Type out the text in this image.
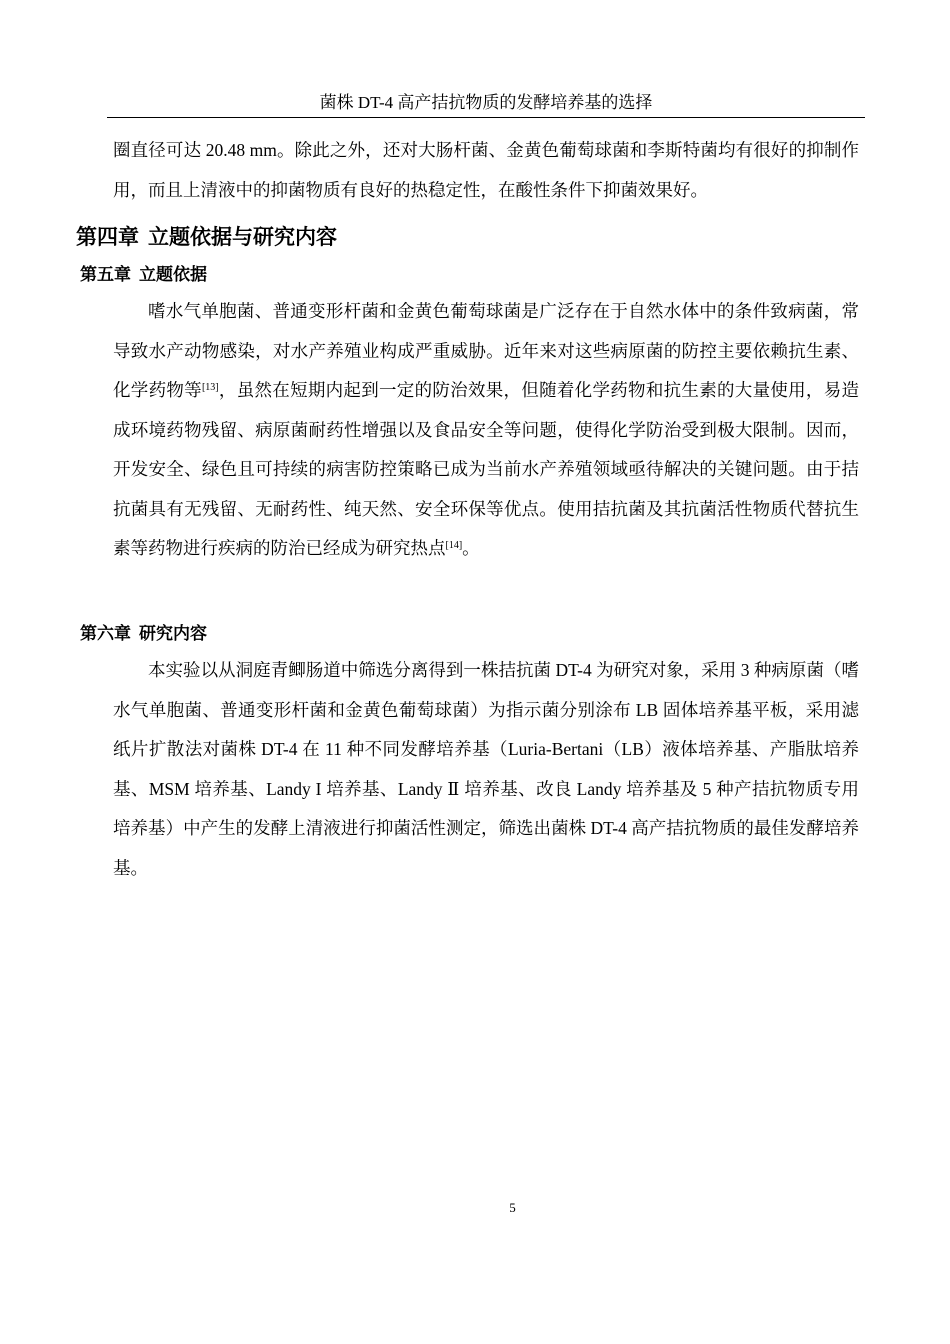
菌株 DT-4 高产拮抗物质的发酵培养基的选择

圈直径可达 20.48 mm。除此之外，还对大肠杆菌、金黄色葡萄球菌和李斯特菌均有很好的抑制作用，而且上清液中的抑菌物质有良好的热稳定性，在酸性条件下抑菌效果好。

第四章 立题依据与研究内容
第五章 立题依据

嗜水气单胞菌、普通变形杆菌和金黄色葡萄球菌是广泛存在于自然水体中的条件致病菌，常导致水产动物感染，对水产养殖业构成严重威胁。近年来对这些病原菌的防控主要依赖抗生素、化学药物等[13]，虽然在短期内起到一定的防治效果，但随着化学药物和抗生素的大量使用，易造成环境药物残留、病原菌耐药性增强以及食品安全等问题，使得化学防治受到极大限制。因而，开发安全、绿色且可持续的病害防控策略已成为当前水产养殖领域亟待解决的关键问题。由于拮抗菌具有无残留、无耐药性、纯天然、安全环保等优点。使用拮抗菌及其抗菌活性物质代替抗生素等药物进行疾病的防治已经成为研究热点[14]。

第六章 研究内容

本实验以从洞庭青鲫肠道中筛选分离得到一株拮抗菌 DT-4 为研究对象，采用 3 种病原菌（嗜水气单胞菌、普通变形杆菌和金黄色葡萄球菌）为指示菌分别涂布 LB 固体培养基平板，采用滤纸片扩散法对菌株 DT-4 在 11 种不同发酵培养基（Luria-Bertani（LB）液体培养基、产脂肽培养基、MSM 培养基、Landy I 培养基、Landy Ⅱ 培养基、改良 Landy 培养基及 5 种产拮抗物质专用培养基）中产生的发酵上清液进行抑菌活性测定，筛选出菌株 DT-4 高产拮抗物质的最佳发酵培养基。

5
